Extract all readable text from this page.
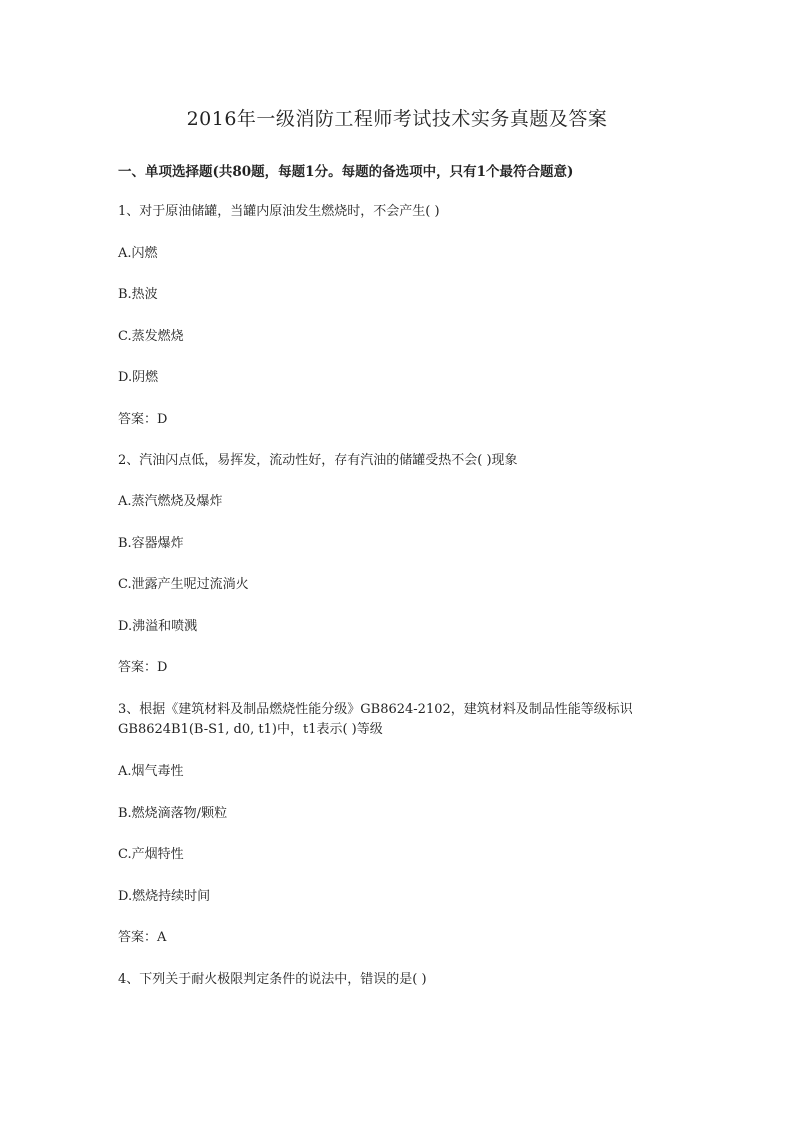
2016年一级消防工程师考试技术实务真题及答案
一、单项选择题(共80题，每题1分。每题的备选项中，只有1个最符合题意)

1、对于原油储罐，当罐内原油发生燃烧时，不会产生( )

A.闪燃

B.热波

C.蒸发燃烧

D.阴燃

答案：D

2、汽油闪点低，易挥发，流动性好，存有汽油的储罐受热不会( )现象

A.蒸汽燃烧及爆炸

B.容器爆炸

C.泄露产生呢过流淌火

D.沸溢和喷溅

答案：D

3、根据《建筑材料及制品燃烧性能分级》GB8624-2102，建筑材料及制品性能等级标识

GB8624B1(B-S1, d0, t1)中，t1表示( )等级

A.烟气毒性

B.燃烧滴落物/颗粒

C.产烟特性

D.燃烧持续时间

答案：A

4、下列关于耐火极限判定条件的说法中，错误的是( )
